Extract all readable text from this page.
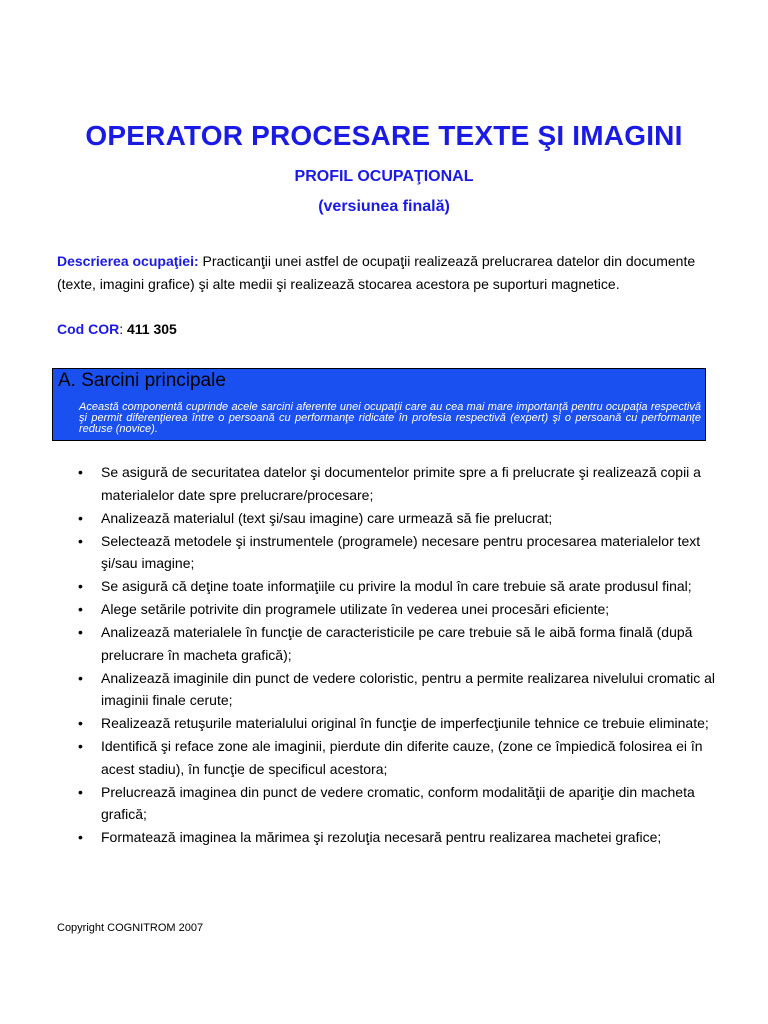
OPERATOR PROCESARE TEXTE ŞI IMAGINI
PROFIL OCUPAŢIONAL
(versiunea finală)
Descrierea ocupaţiei: Practicanţii unei astfel de ocupaţii realizează prelucrarea datelor din documente (texte, imagini grafice) şi alte medii şi realizează stocarea acestora pe suporturi magnetice.
Cod COR: 411 305
A. Sarcini principale
Această componentă cuprinde acele sarcini aferente unei ocupaţii care au cea mai mare importanţă pentru ocupaţia respectivă şi permit diferenţierea între o persoană cu performanţe ridicate în profesia respectivă (expert) şi o persoană cu performanţe reduse (novice).
• Se asigură de securitatea datelor şi documentelor primite spre a fi prelucrate şi realizează copii a materialelor date spre prelucrare/procesare;
• Analizează materialul (text şi/sau imagine) care urmează să fie prelucrat;
• Selectează metodele şi instrumentele (programele) necesare pentru procesarea materialelor text şi/sau imagine;
• Se asigură că deţine toate informaţiile cu privire la modul în care trebuie să arate produsul final;
• Alege setările potrivite din programele utilizate în vederea unei procesări eficiente;
• Analizează materialele în funcţie de caracteristicile pe care trebuie să le aibă forma finală (după prelucrare în macheta grafică);
• Analizează imaginile din punct de vedere coloristic, pentru a permite realizarea nivelului cromatic al imaginii finale cerute;
• Realizează retuşurile materialului original în funcţie de imperfecţiunile tehnice ce trebuie eliminate;
• Identifică şi reface zone ale imaginii, pierdute din diferite cauze, (zone ce împiedică folosirea ei în acest stadiu), în funcţie de specificul acestora;
• Prelucrează imaginea din punct de vedere cromatic, conform modalităţii de apariţie din macheta grafică;
• Formatează imaginea la mărimea şi rezoluţia necesară pentru realizarea machetei grafice;
Copyright COGNITROM 2007
